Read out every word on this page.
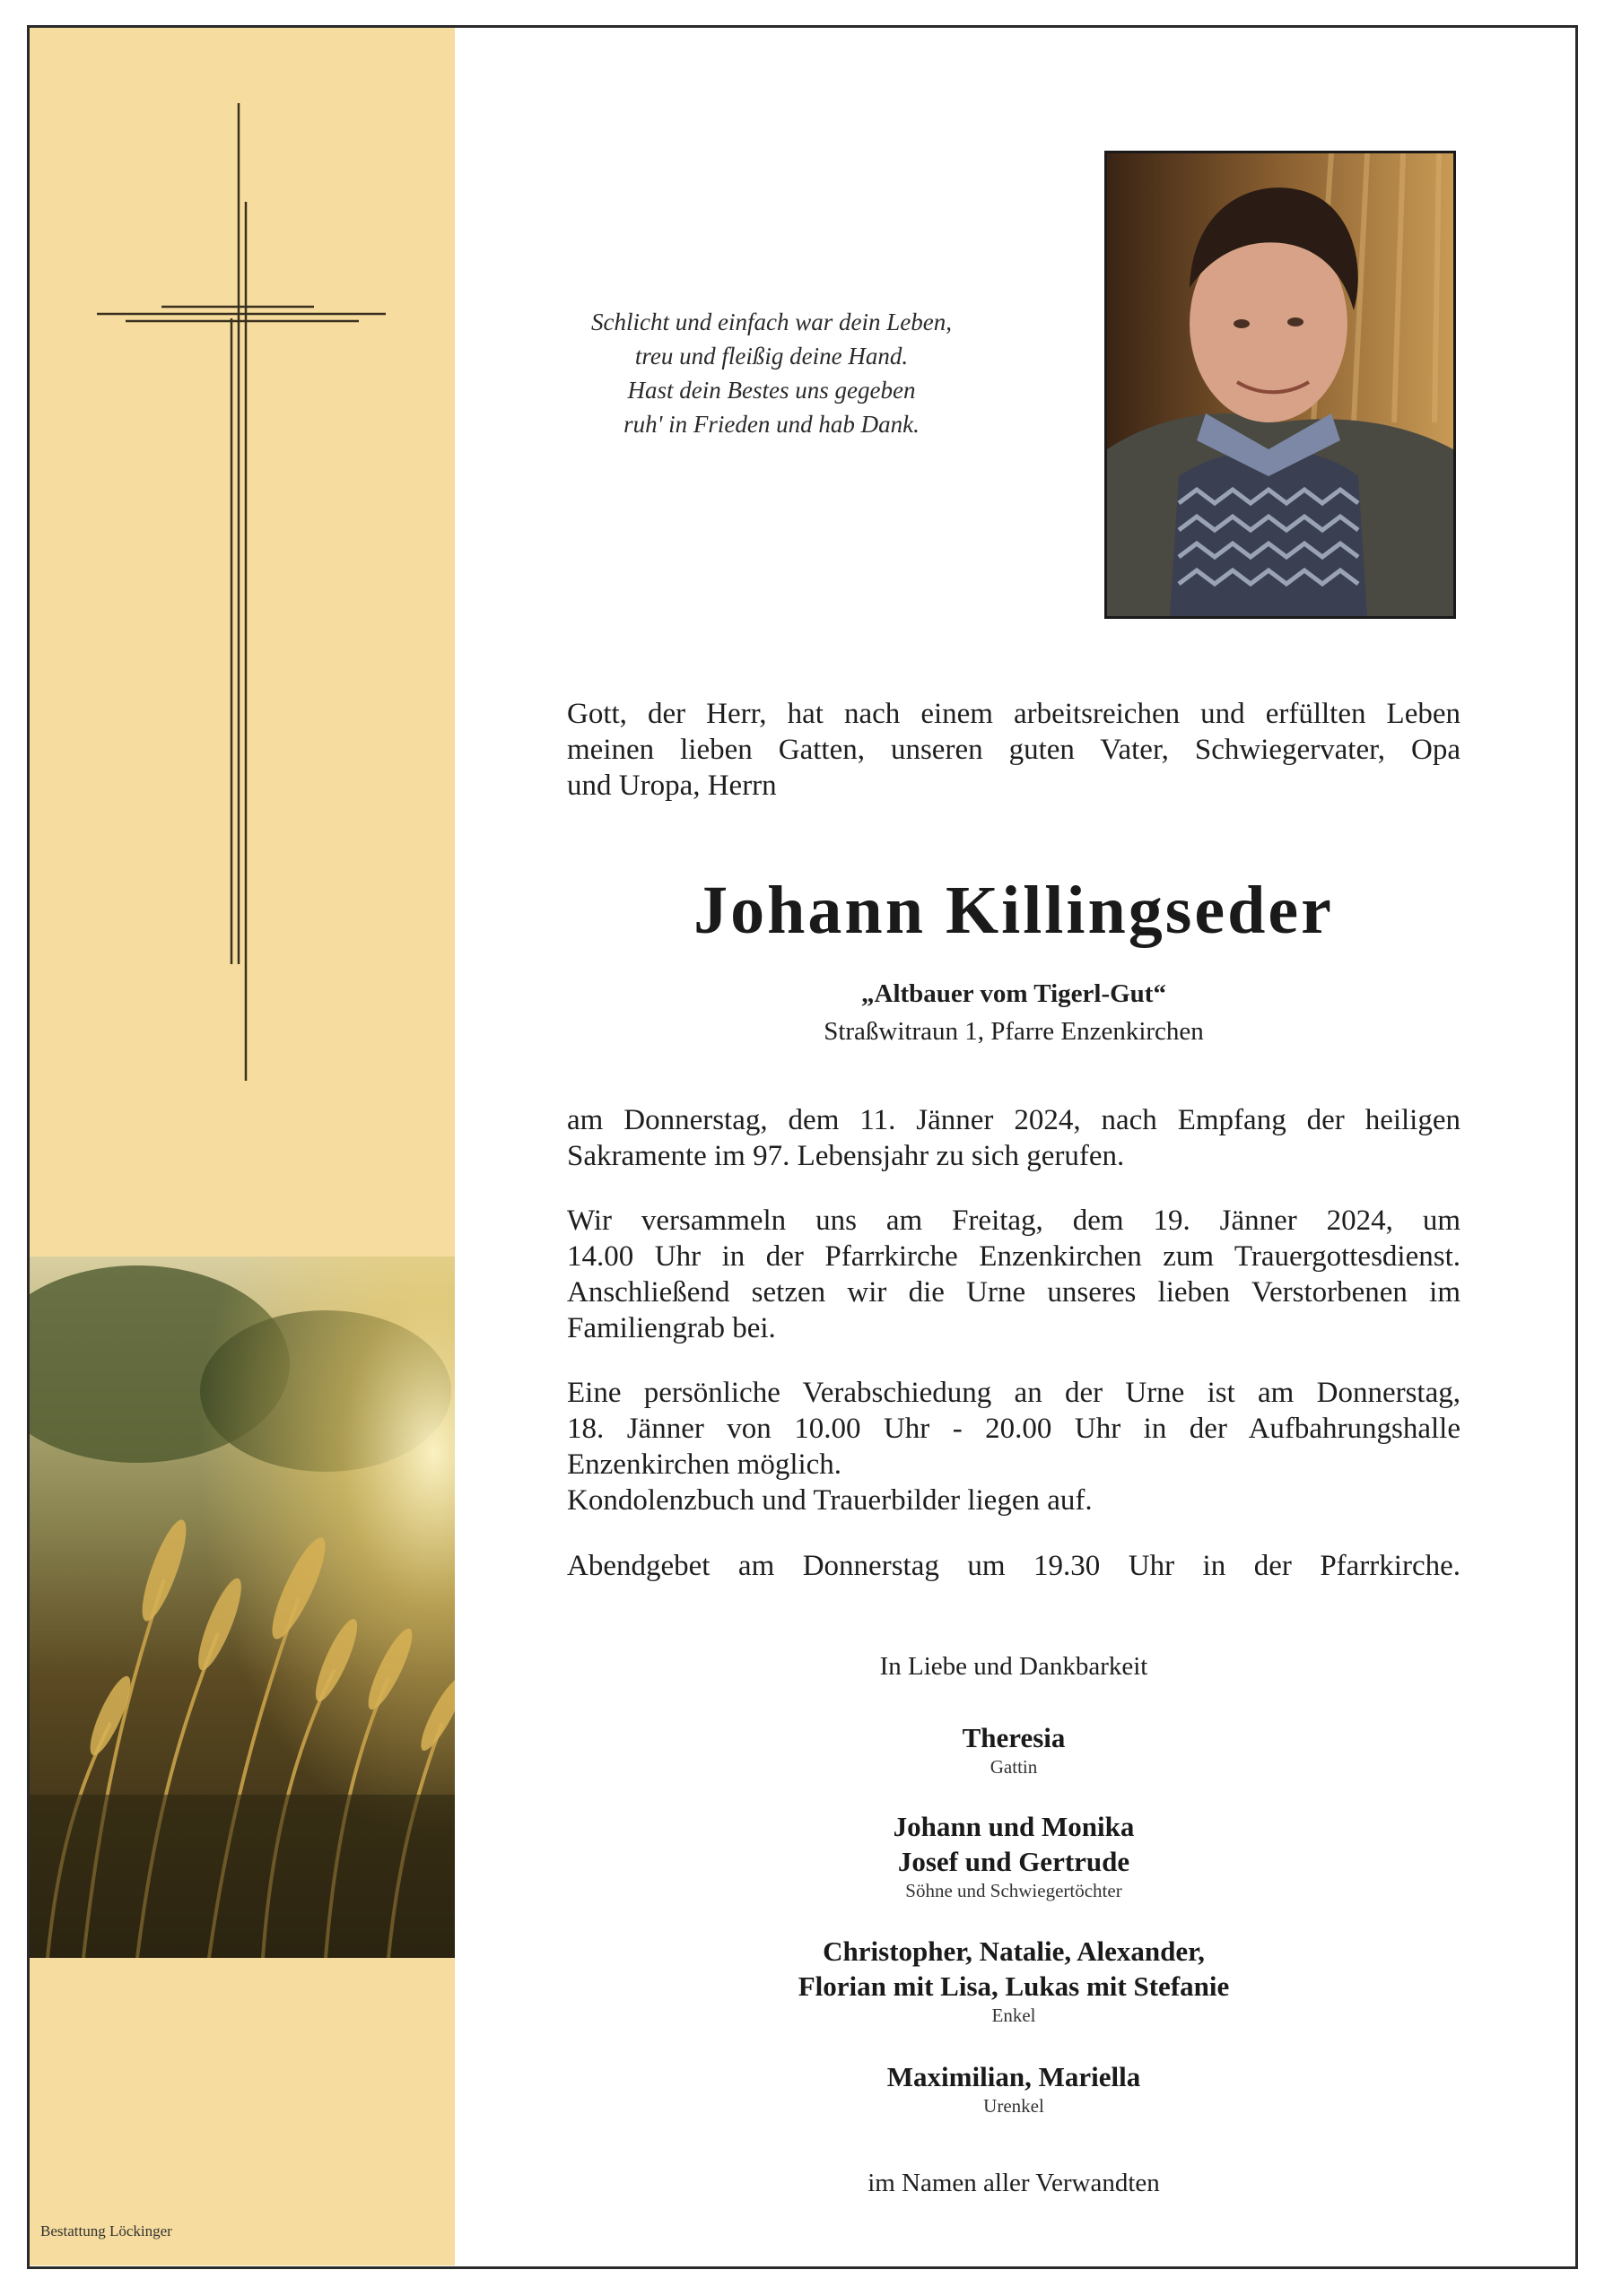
Bestattung Löckinger
Schlicht und einfach war dein Leben,
treu und fleißig deine Hand.
Hast dein Bestes uns gegeben
ruh' in Frieden und hab Dank.
Gott, der Herr, hat nach einem arbeitsreichen und erfüllten Leben
meinen lieben Gatten, unseren guten Vater, Schwiegervater, Opa
und Uropa, Herrn
Johann Killingseder
„Altbauer vom Tigerl-Gut“
Straßwitraun 1, Pfarre Enzenkirchen
am Donnerstag, dem 11. Jänner 2024, nach Empfang der heiligen
Sakramente im 97. Lebensjahr zu sich gerufen.
Wir versammeln uns am Freitag, dem 19. Jänner 2024, um
14.00 Uhr in der Pfarrkirche Enzenkirchen zum Trauergottesdienst.
Anschließend setzen wir die Urne unseres lieben Verstorbenen im
Familiengrab bei.
Eine persönliche Verabschiedung an der Urne ist am Donnerstag,
18. Jänner von 10.00 Uhr - 20.00 Uhr in der Aufbahrungshalle
Enzenkirchen möglich.
Kondolenzbuch und Trauerbilder liegen auf.
Abendgebet am Donnerstag um 19.30 Uhr in der Pfarrkirche.
In Liebe und Dankbarkeit
Theresia
Gattin
Johann und Monika
Josef und Gertrude
Söhne und Schwiegertöchter
Christopher, Natalie, Alexander,
Florian mit Lisa, Lukas mit Stefanie
Enkel
Maximilian, Mariella
Urenkel
im Namen aller Verwandten
